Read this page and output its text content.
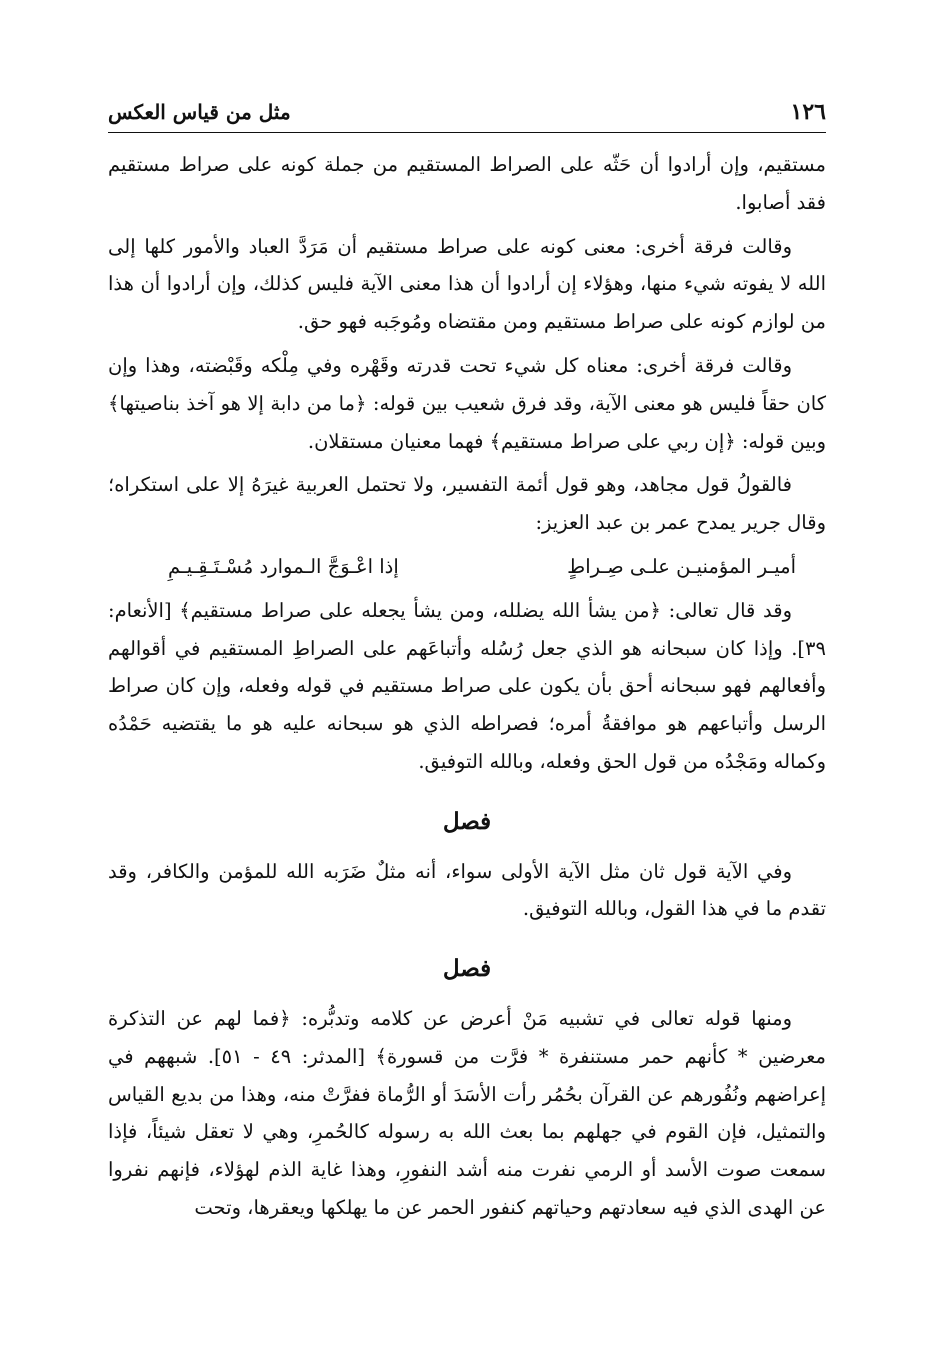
١٢٦
مثل من قياس العكس

مستقيم، وإن أرادوا أن حَثّه على الصراط المستقيم من جملة كونه على صراط مستقيم فقد أصابوا.

وقالت فرقة أخرى: معنى كونه على صراط مستقيم أن مَرَدَّ العباد والأمور كلها إلى الله لا يفوته شيء منها، وهؤلاء إن أرادوا أن هذا معنى الآية فليس كذلك، وإن أرادوا أن هذا من لوازم كونه على صراط مستقيم ومن مقتضاه ومُوجَبه فهو حق.

وقالت فرقة أخرى: معناه كل شيء تحت قدرته وقَهْره وفي مِلْكه وقَبْضته، وهذا وإن كان حقاً فليس هو معنى الآية، وقد فرق شعيب بين قوله: ﴿ما من دابة إلا هو آخذ بناصيتها﴾ وبين قوله: ﴿إن ربي على صراط مستقيم﴾ فهما معنيان مستقلان.

فالقولُ قول مجاهد، وهو قول أئمة التفسير، ولا تحتمل العربية غيرَهُ إلا على استكراه؛ وقال جرير يمدح عمر بن عبد العزيز:

أميـر المؤمنيـن علـى صِـراطٍ
إذا اعْـوَجَّ الـموارد مُسْـتَـقِـيـمِ

وقد قال تعالى: ﴿من يشأ الله يضلله، ومن يشأ يجعله على صراط مستقيم﴾ [الأنعام: ٣٩]. وإذا كان سبحانه هو الذي جعل رُسُله وأتباعَهم على الصراطِ المستقيم في أقوالهم وأفعالهم فهو سبحانه أحق بأن يكون على صراط مستقيم في قوله وفعله، وإن كان صراط الرسل وأتباعهم هو موافقةُ أمره؛ فصراطه الذي هو سبحانه عليه هو ما يقتضيه حَمْدُه وكماله ومَجْدُه من قول الحق وفعله، وبالله التوفيق.

فصل

وفي الآية قول ثان مثل الآية الأولى سواء، أنه مثلٌ ضَرَبه الله للمؤمن والكافر، وقد تقدم ما في هذا القول، وبالله التوفيق.

فصل

ومنها قوله تعالى في تشبيه مَنْ أعرض عن كلامه وتدبُّره: ﴿فما لهم عن التذكرة معرضين * كأنهم حمر مستنفرة * فرَّت من قسورة﴾ [المدثر: ٤٩ - ٥١]. شبههم في إعراضهم ونُفُورهم عن القرآن بحُمُر رأت الأسَدَ أو الرُّماة ففرَّتْ منه، وهذا من بديع القياس والتمثيل، فإن القوم في جهلهم بما بعث الله به رسوله كالحُمرِ، وهي لا تعقل شيئاً، فإذا سمعت صوت الأسد أو الرمي نفرت منه أشد النفورِ، وهذا غاية الذم لهؤلاء، فإنهم نفروا عن الهدى الذي فيه سعادتهم وحياتهم كنفور الحمر عن ما يهلكها ويعقرها، وتحت
